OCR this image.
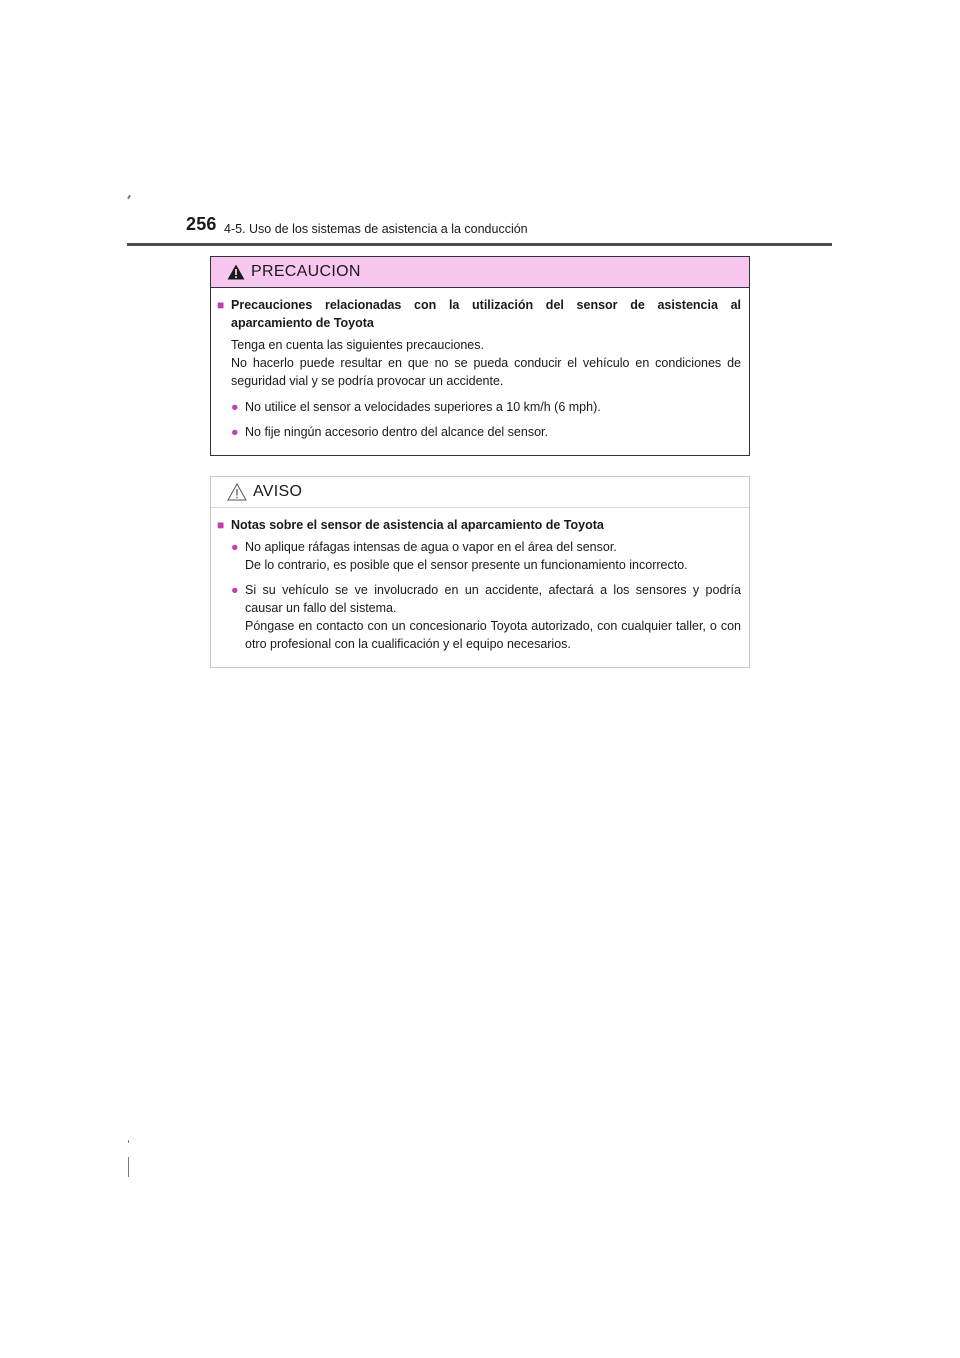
256 4-5. Uso de los sistemas de asistencia a la conducción
PRECAUCION
■ Precauciones relacionadas con la utilización del sensor de asistencia al aparcamiento de Toyota
Tenga en cuenta las siguientes precauciones.
No hacerlo puede resultar en que no se pueda conducir el vehículo en condiciones de seguridad vial y se podría provocar un accidente.
● No utilice el sensor a velocidades superiores a 10 km/h (6 mph).
● No fije ningún accesorio dentro del alcance del sensor.
AVISO
■ Notas sobre el sensor de asistencia al aparcamiento de Toyota
● No aplique ráfagas intensas de agua o vapor en el área del sensor.
De lo contrario, es posible que el sensor presente un funcionamiento incorrecto.
● Si su vehículo se ve involucrado en un accidente, afectará a los sensores y podría causar un fallo del sistema.
Póngase en contacto con un concesionario Toyota autorizado, con cualquier taller, o con otro profesional con la cualificación y el equipo necesarios.
